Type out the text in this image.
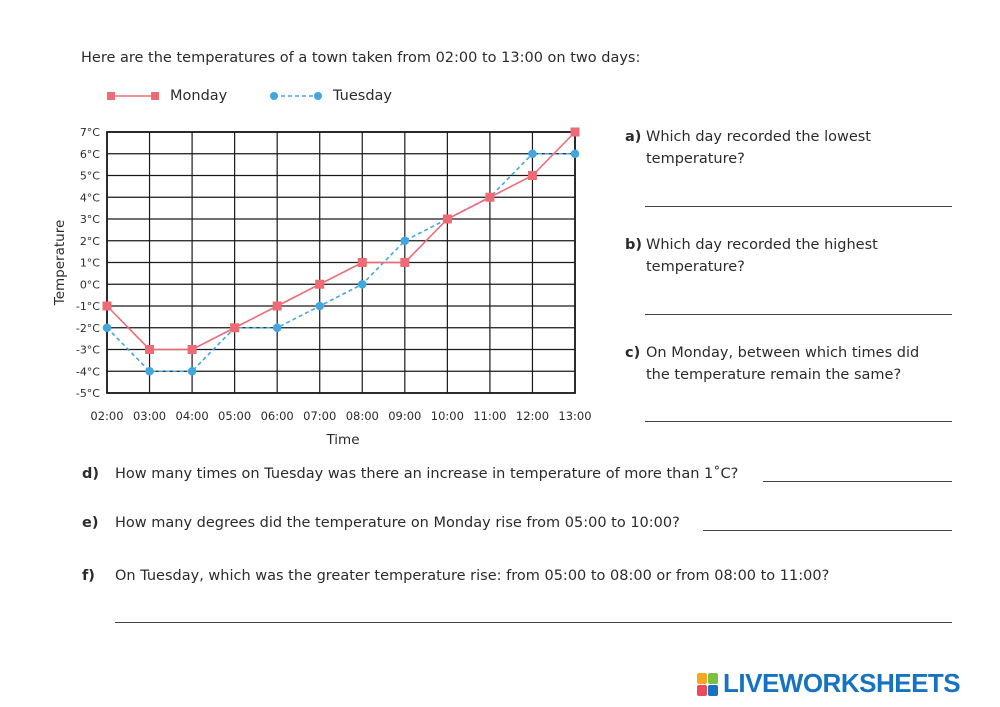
Here are the temperatures of a town taken from 02:00 to 13:00 on two days:
Monday	Tuesday
7°C
6°C
5°C
4°C
3°C
2°C
1°C
0°C
-1°C
-2°C
-3°C
-4°C
-5°C
02:00 03:00 04:00 05:00 06:00 07:00 08:00 09:00 10:00 11:00 12:00 13:00
Time
Temperature
a) Which day recorded the lowest
temperature?
b) Which day recorded the highest
temperature?
c) On Monday, between which times did
the temperature remain the same?
d) How many times on Tuesday was there an increase in temperature of more than 1˚C?
e) How many degrees did the temperature on Monday rise from 05:00 to 10:00?
f) On Tuesday, which was the greater temperature rise: from 05:00 to 08:00 or from 08:00 to 11:00?
LIVEWORKSHEETS
